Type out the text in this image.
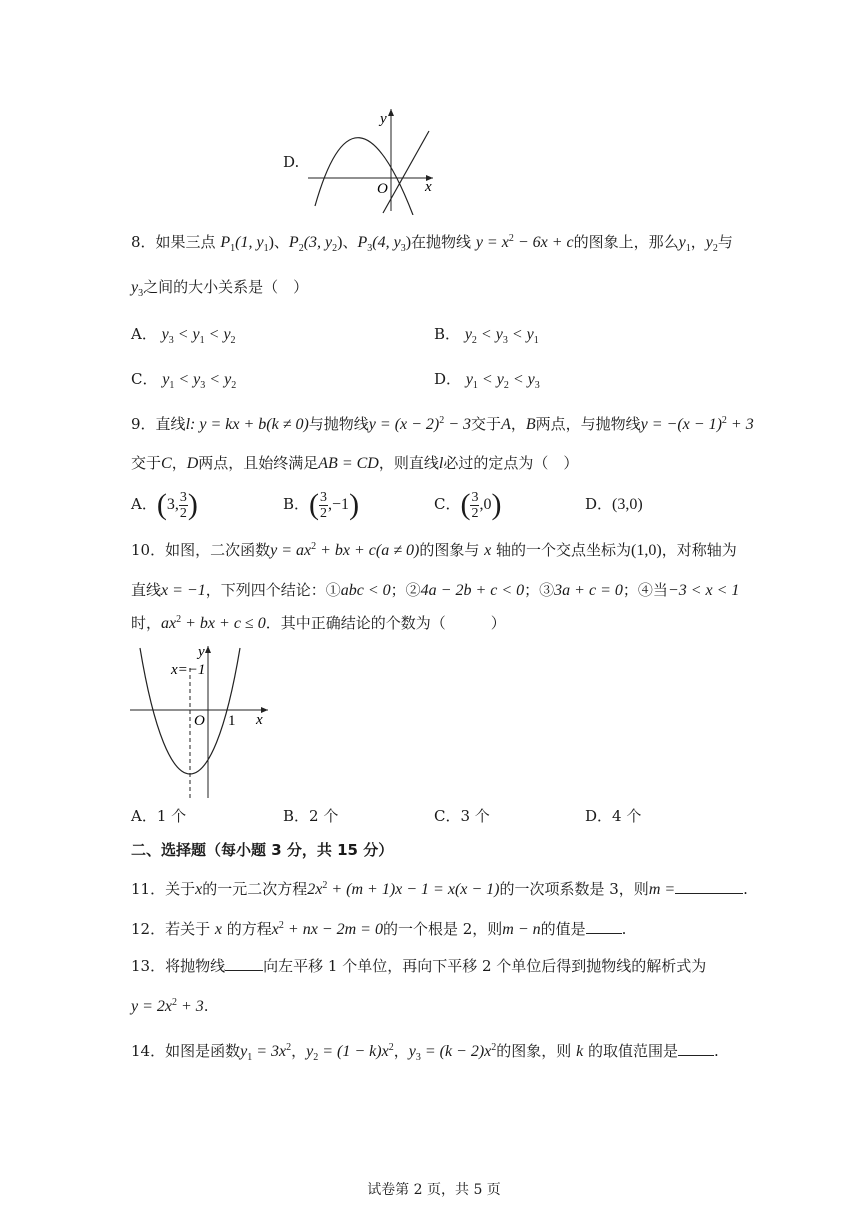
D.
y
x
O
8．如果三点 $P_1(1$, $y_1$)、$P_2(3$, $y_2$)、$P_3(4$, $y_3$)在抛物线 $y = x^2 - 6x + c$的图象上，那么$y_1$，$y_2$与
$y_3$之间的大小关系是（　）
A． $y_3 < y_1 < y_2$	B． $y_2 < y_3 < y_1$
C． $y_1 < y_3 < y_2$	D． $y_1 < y_2 < y_3$
9．直线l: y = kx + b(k ≠ 0)与抛物线$y = (x - 2)^2 - 3$交于A，B两点，与抛物线$y = -(x - 1)^2 + 3$
交于C，D两点，且始终满足AB = CD，则直线l必过的定点为（　）
A．(3, $\frac{3}{2}$ )	B．( $\frac{3}{2} ,-1$)	C．( $\frac{3}{2} ,0$)	D．(3,0)
10．如图，二次函数$y = ax^2$ + bx + c(a ≠ 0)的图象与 x 轴的一个交点坐标为(1,0)，对称轴为
直线x = −1，下列四个结论：①abc < 0；②4a − 2b + c < 0；③3a + c = 0；④当−3 < x < 1
时，$ax^2$ + bx + c ≤ 0．其中正确结论的个数为（　　　）
y
x=−1
x
O 1
A．1 个	B．2 个	C．3 个	D．4 个
二、选择题（每小题 3 分，共 15 分）
11．关于x的一元二次方程$2x^2 + (m + 1)x - 1 = x(x - 1)$的一次项系数是 3，则m =	.
12．若关于 x 的方程$x^2$ + nx − 2m = 0的一个根是 2，则m − n的值是 .
13．将抛物线	向左平移 1 个单位，再向下平移 2 个单位后得到抛物线的解析式为
$y = 2x^2 + 3$.
14．如图是函数$y_1 = 3x^2$，$y_2 = (1 - k)x^2$，$y_3 = (k - 2)x^2$的图象，则 k 的取值范围是 .
试卷第 2 页，共 5 页
